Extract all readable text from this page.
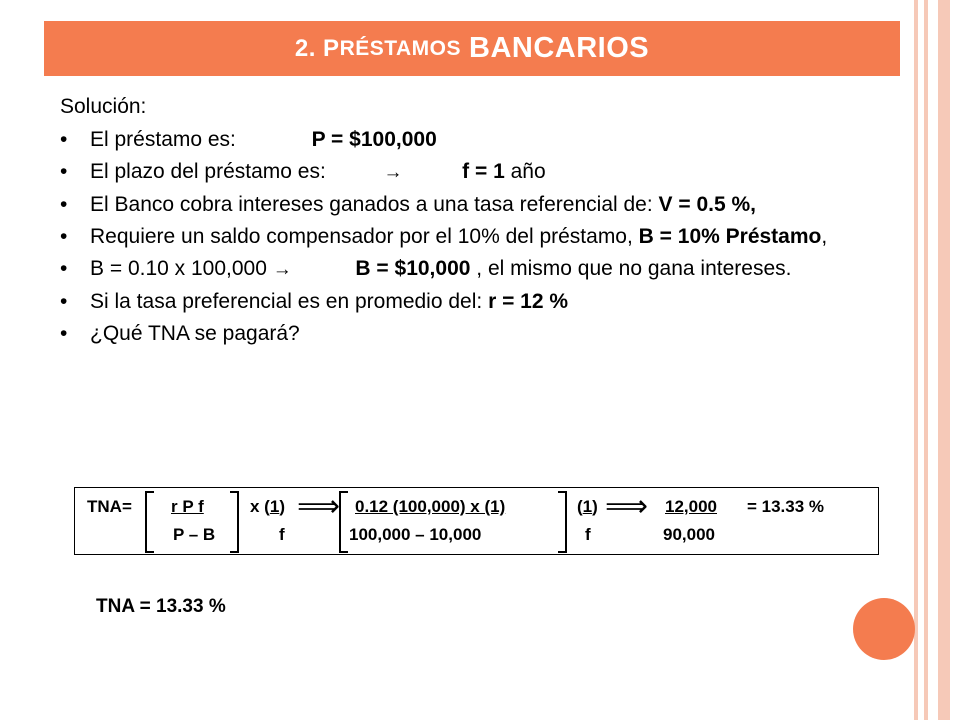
2. P RÉSTAMOS BANCARIOS
Solución:
• El préstamo es:	P = $100,000
• El plazo del préstamo es:	→	f = 1 año
• El Banco cobra intereses ganados a una tasa referencial de: V = 0.5 %,
• Requiere un saldo compensador por el 10% del préstamo, B = 10% Préstamo,
• B = 0.10 x 100,000 →	B = $10,000 , el mismo que no gana intereses.
• Si la tasa preferencial es en promedio del: r = 12 %
• ¿Qué TNA se pagará?
TNA= r P f
P – B
x (1)
f
⟹ 0.12 (100,000) x (1)
100,000 – 10,000
(1)
f
⟹ 12,000
90,000
= 13.33 %
TNA = 13.33 %
